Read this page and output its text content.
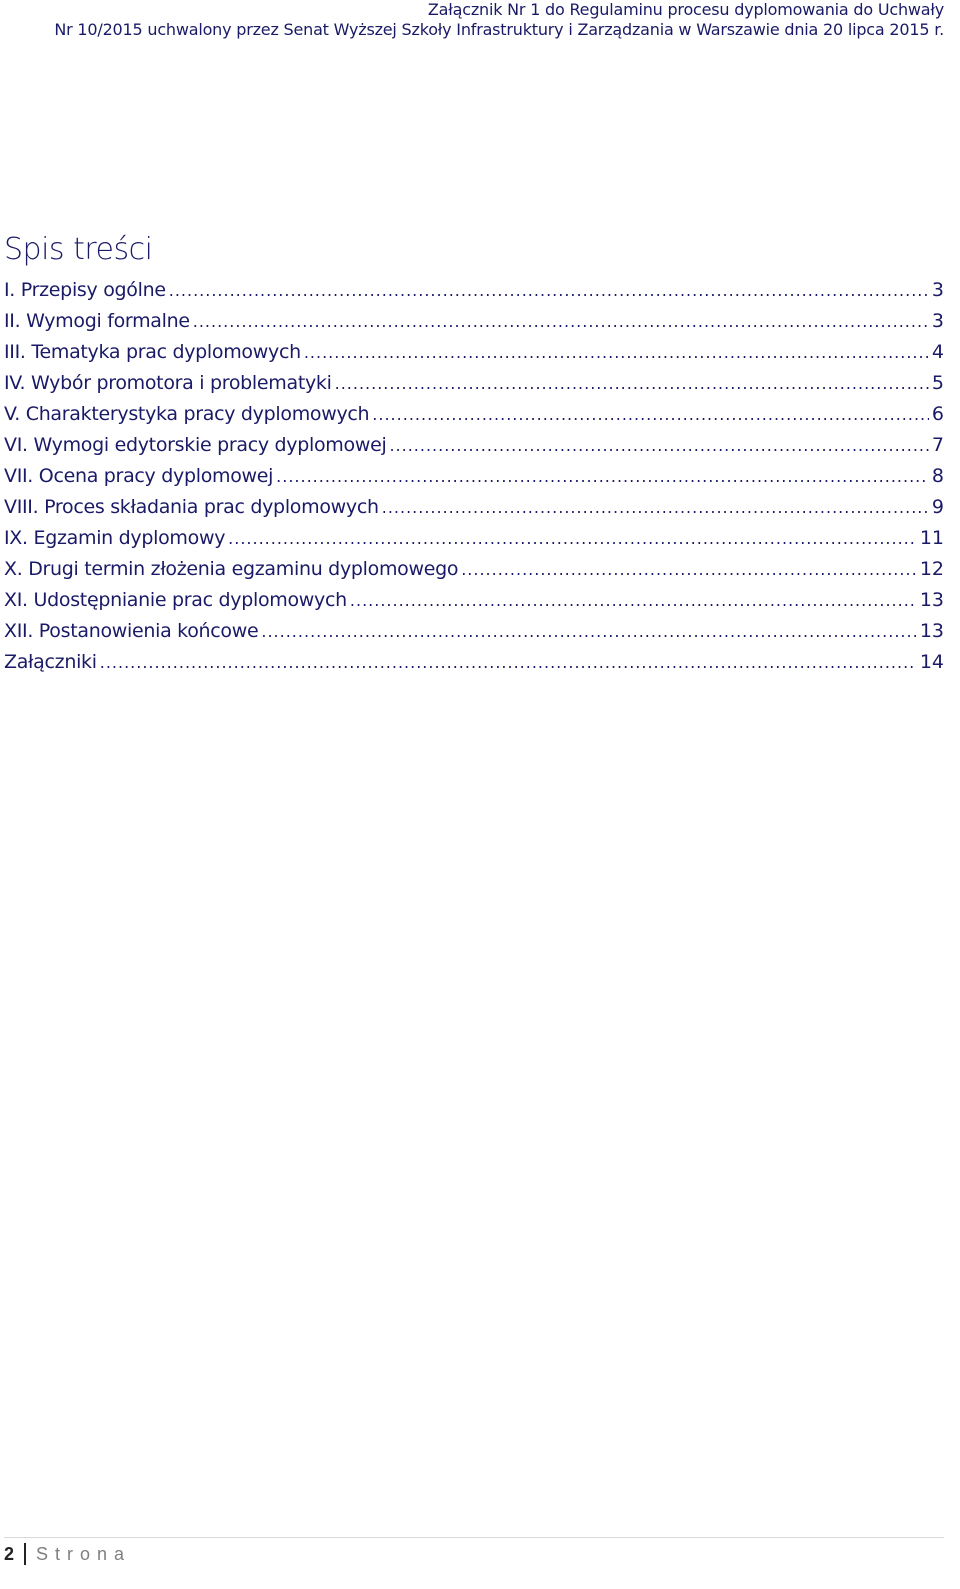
Załącznik Nr 1 do Regulaminu procesu dyplomowania do Uchwały
Nr 10/2015 uchwalony przez Senat Wyższej Szkoły Infrastruktury i Zarządzania w Warszawie dnia 20 lipca 2015 r.
Spis treści
I. Przepisy ogólne .....	3
II. Wymogi formalne .....	3
III. Tematyka prac dyplomowych .....	4
IV. Wybór promotora i problematyki .....	5
V. Charakterystyka pracy dyplomowych .....	6
VI. Wymogi edytorskie pracy dyplomowej .....	7
VII. Ocena pracy dyplomowej .....	8
VIII. Proces składania prac dyplomowych .....	9
IX. Egzamin dyplomowy .....	11
X. Drugi termin złożenia egzaminu dyplomowego .....	12
XI. Udostępnianie prac dyplomowych .....	13
XII. Postanowienia końcowe .....	13
Załączniki .....	14
2 Strona
